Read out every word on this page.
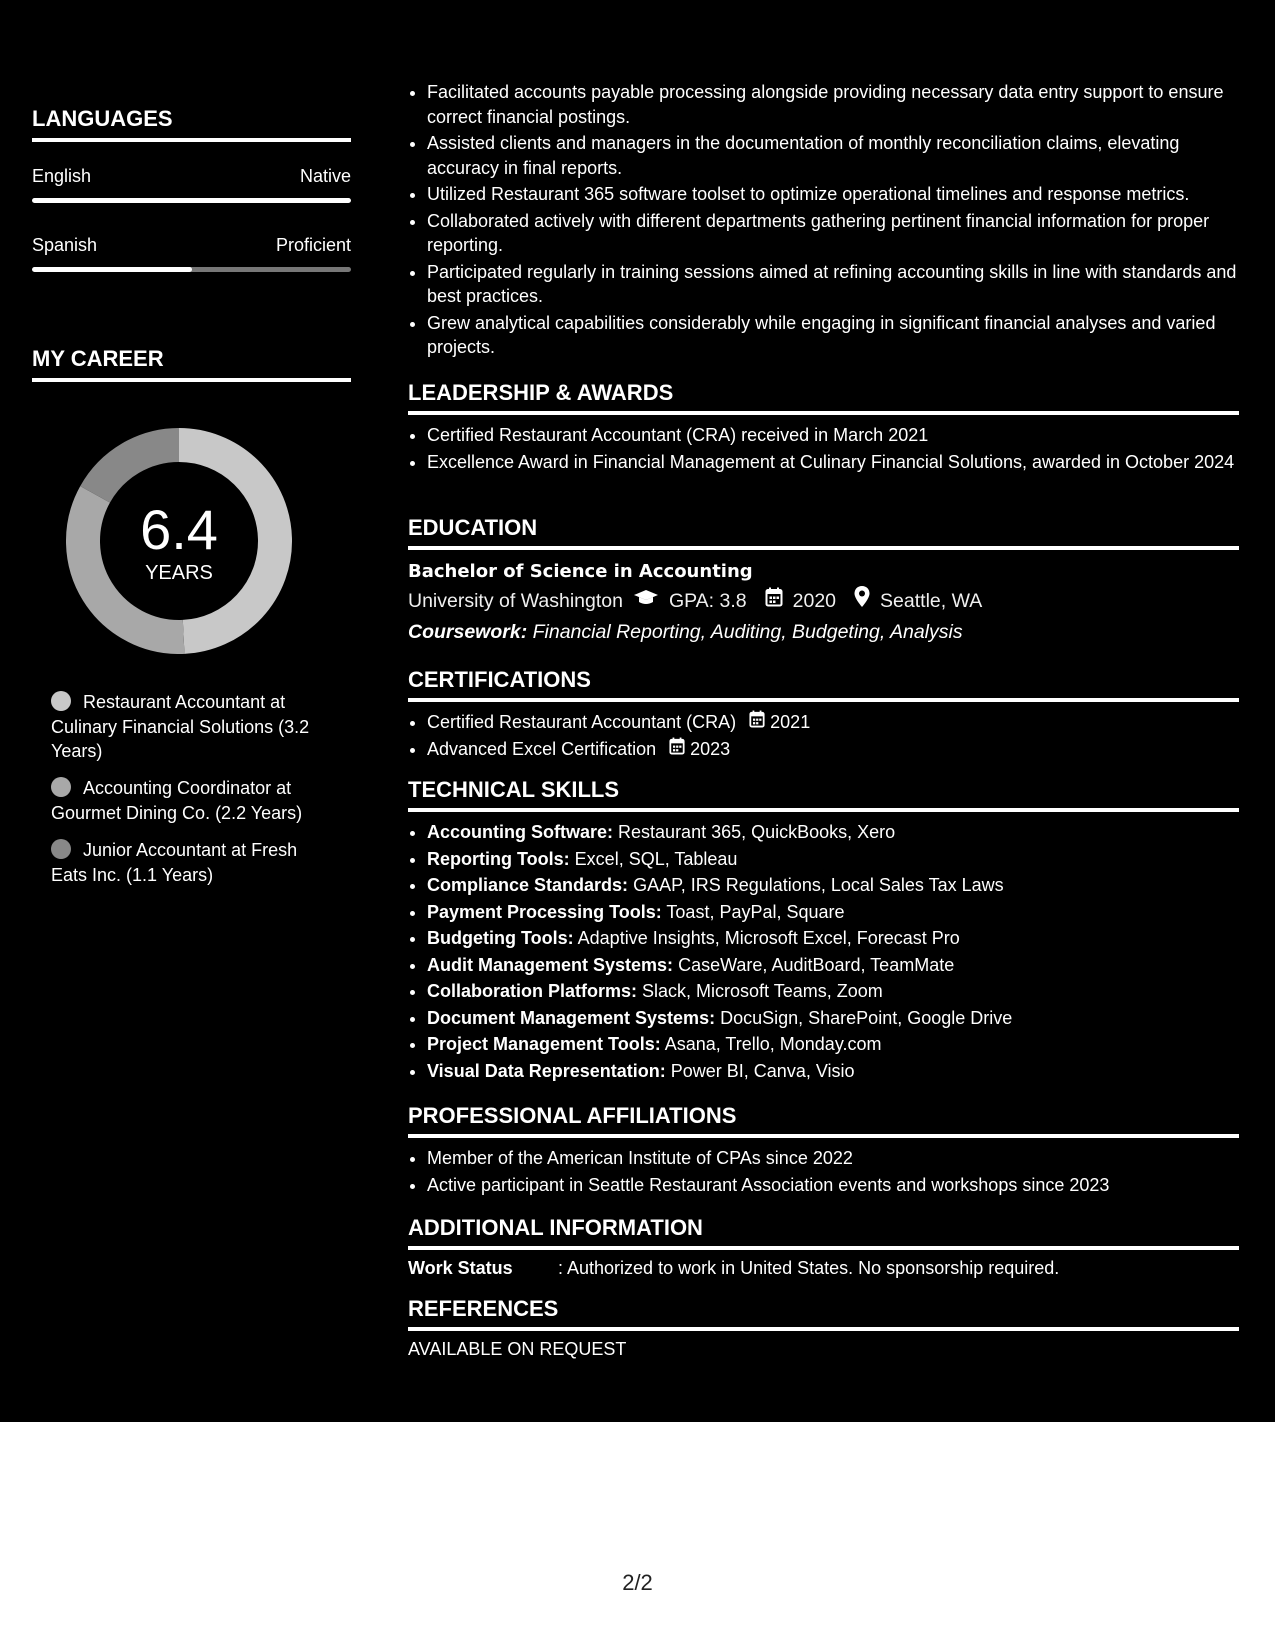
LANGUAGES
English	Native
Spanish	Proficient
MY CAREER
6.4
YEARS
Restaurant Accountant at Culinary Financial Solutions (3.2 Years)
Accounting Coordinator at Gourmet Dining Co. (2.2 Years)
Junior Accountant at Fresh Eats Inc. (1.1 Years)
• Facilitated accounts payable processing alongside providing necessary data entry support to ensure correct financial postings.
• Assisted clients and managers in the documentation of monthly reconciliation claims, elevating accuracy in final reports.
• Utilized Restaurant 365 software toolset to optimize operational timelines and response metrics.
• Collaborated actively with different departments gathering pertinent financial information for proper reporting.
• Participated regularly in training sessions aimed at refining accounting skills in line with standards and best practices.
• Grew analytical capabilities considerably while engaging in significant financial analyses and varied projects.
LEADERSHIP & AWARDS
• Certified Restaurant Accountant (CRA) received in March 2021
• Excellence Award in Financial Management at Culinary Financial Solutions, awarded in October 2024
EDUCATION
Bachelor of Science in Accounting
University of Washington GPA: 3.8 2020 Seattle, WA
Coursework: Financial Reporting, Auditing, Budgeting, Analysis
CERTIFICATIONS
• Certified Restaurant Accountant (CRA) 2021
• Advanced Excel Certification 2023
TECHNICAL SKILLS
• Accounting Software: Restaurant 365, QuickBooks, Xero
• Reporting Tools: Excel, SQL, Tableau
• Compliance Standards: GAAP, IRS Regulations, Local Sales Tax Laws
• Payment Processing Tools: Toast, PayPal, Square
• Budgeting Tools: Adaptive Insights, Microsoft Excel, Forecast Pro
• Audit Management Systems: CaseWare, AuditBoard, TeamMate
• Collaboration Platforms: Slack, Microsoft Teams, Zoom
• Document Management Systems: DocuSign, SharePoint, Google Drive
• Project Management Tools: Asana, Trello, Monday.com
• Visual Data Representation: Power BI, Canva, Visio
PROFESSIONAL AFFILIATIONS
• Member of the American Institute of CPAs since 2022
• Active participant in Seattle Restaurant Association events and workshops since 2023
ADDITIONAL INFORMATION
Work Status	: Authorized to work in United States. No sponsorship required.
REFERENCES
AVAILABLE ON REQUEST
2/2
